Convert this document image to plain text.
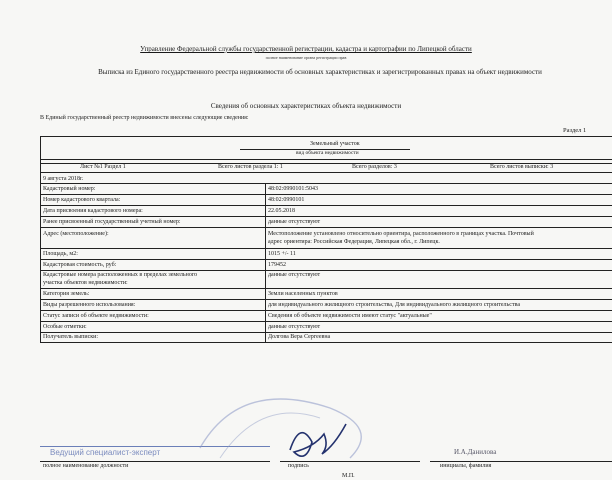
Управление Федеральной службы государственной регистрации, кадастра и картографии по Липецкой области
полное наименование органа регистрации прав
Выписка из Единого государственного реестра недвижимости об основных характеристиках и зарегистрированных правах на объект недвижимости
Сведения об основных характеристиках объекта недвижимости
В Единый государственный реестр недвижимости внесены следующие сведения:
Раздел 1
Земельный участок
вид объекта недвижимости
Лист №1 Раздел 1	Всего листов раздела 1: 1	Всего разделов: 3	Всего листов выписки: 3
9 августа 2018г.
Кадастровый номер:	48:02:0990101:5043
Номер кадастрового квартала:	48:02:0990101
Дата присвоения кадастрового номера:	22.05.2018
Ранее присвоенный государственный учетный номер:	данные отсутствуют
Адрес (местоположение):	Местоположение установлено относительно ориентира, расположенного в границах участка. Почтовый
адрес ориентира: Российская Федерация, Липецкая обл., г. Липецк.
Площадь, м2:	1015 +/- 11
Кадастровая стоимость, руб:	179452
Кадастровые номера расположенных в пределах земельного
участка объектов недвижимости:
данные отсутствуют
Категория земель:	Земли населенных пунктов
Виды разрешенного использования:	для индивидуального жилищного строительства, Для индивидуального жилищного строительства
Статус записи об объекте недвижимости:	Сведения об объекте недвижимости имеют статус "актуальные"
Особые отметки:	данные отсутствуют
Получатель выписки:	Долгова Вера Сергеевна
Ведущий специалист-эксперт
полное наименование должности	подпись
М.П.
И.А.Данилова
инициалы, фамилия
